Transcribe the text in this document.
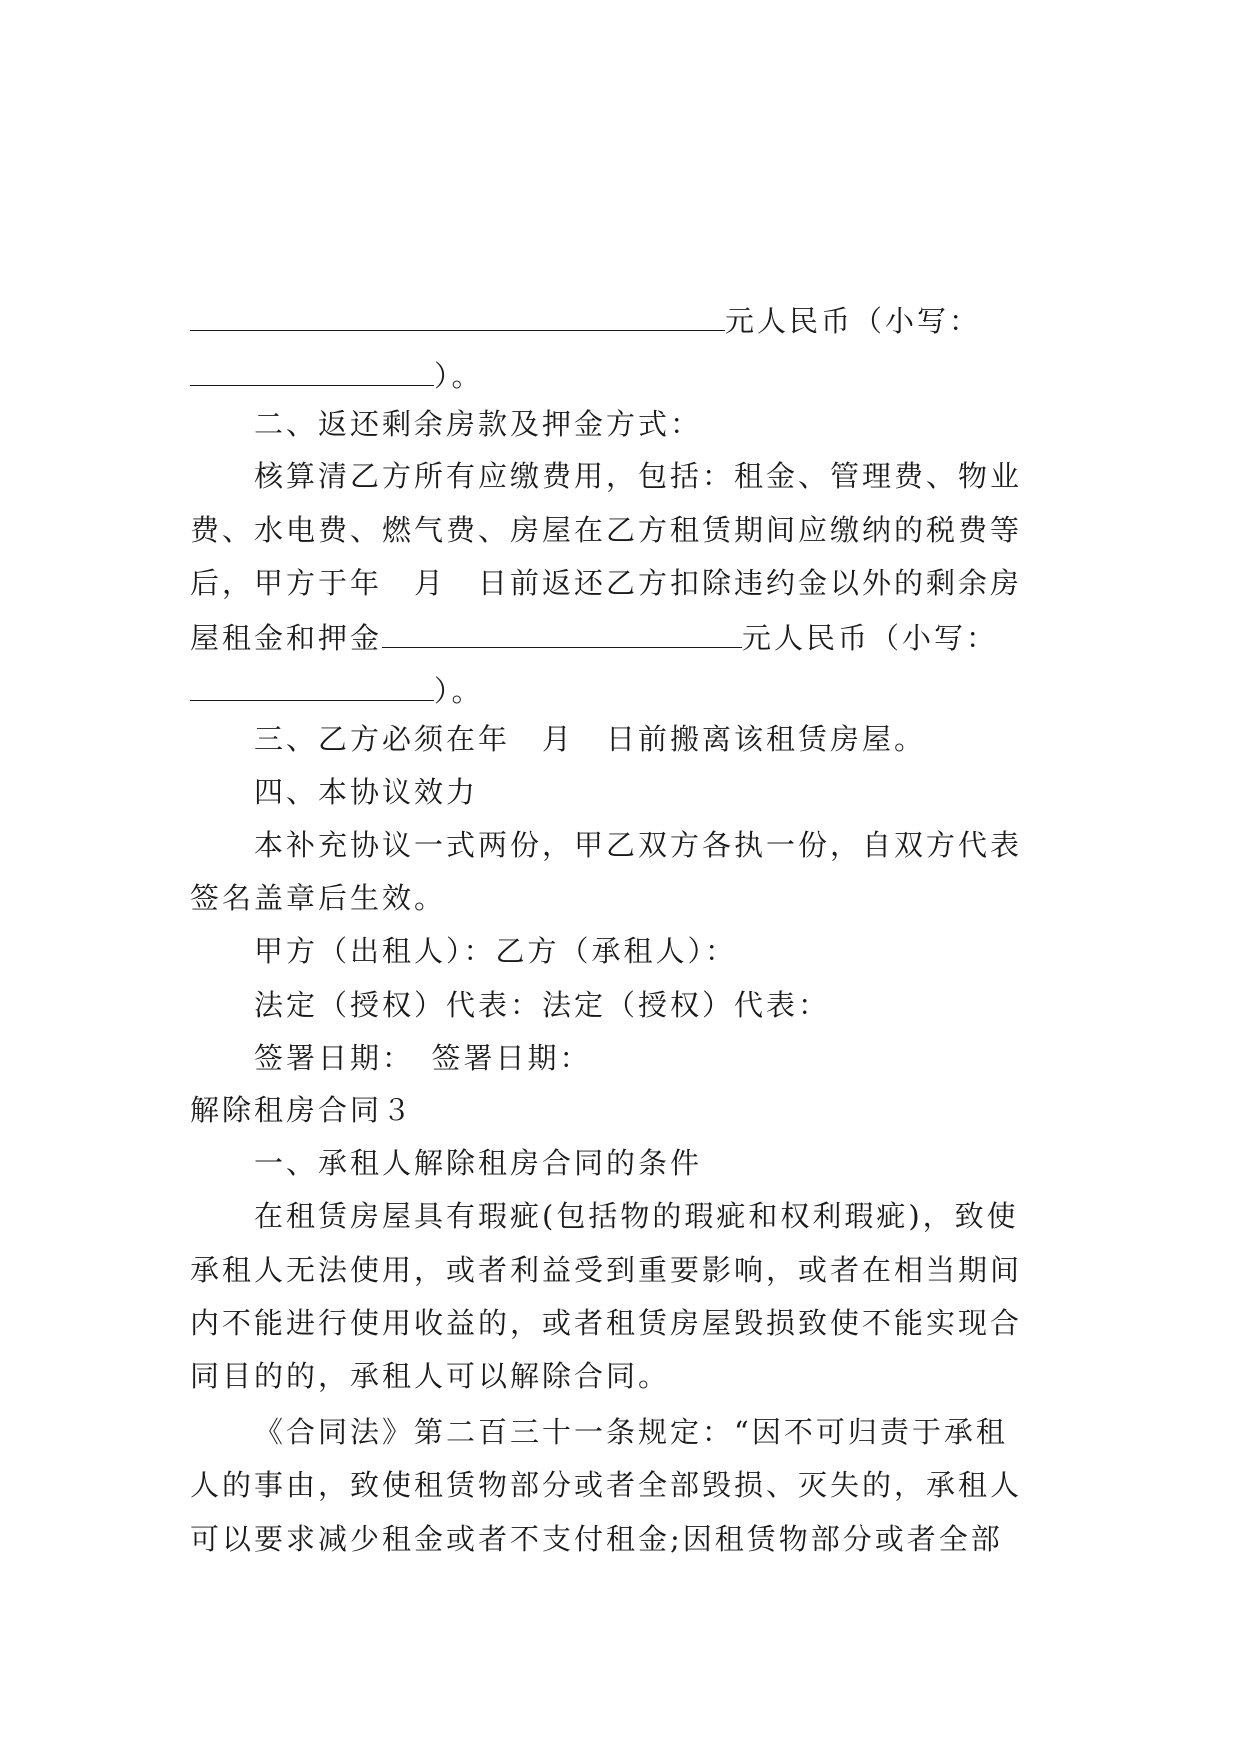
元人民币（小写：
）。
二、返还剩余房款及押金方式：
核算清乙方所有应缴费用，包括：租金、管理费、物业
费、水电费、燃气费、房屋在乙方租赁期间应缴纳的税费等
后，甲方于年　月　日前返还乙方扣除违约金以外的剩余房
屋租金和押金	元人民币（小写：
）。
三、乙方必须在年　月　日前搬离该租赁房屋。
四、本协议效力
本补充协议一式两份，甲乙双方各执一份，自双方代表
签名盖章后生效。
甲方（出租人）：乙方（承租人）：
法定（授权）代表：法定（授权）代表：
签署日期：　签署日期：
解除租房合同３
一、承租人解除租房合同的条件
在租赁房屋具有瑕疵(包括物的瑕疵和权利瑕疵)，致使
承租人无法使用，或者利益受到重要影响，或者在相当期间
内不能进行使用收益的，或者租赁房屋毁损致使不能实现合
同目的的，承租人可以解除合同。
《合同法》第二百三十一条规定：“因不可归责于承租
人的事由，致使租赁物部分或者全部毁损、灭失的，承租人
可以要求减少租金或者不支付租金;因租赁物部分或者全部
